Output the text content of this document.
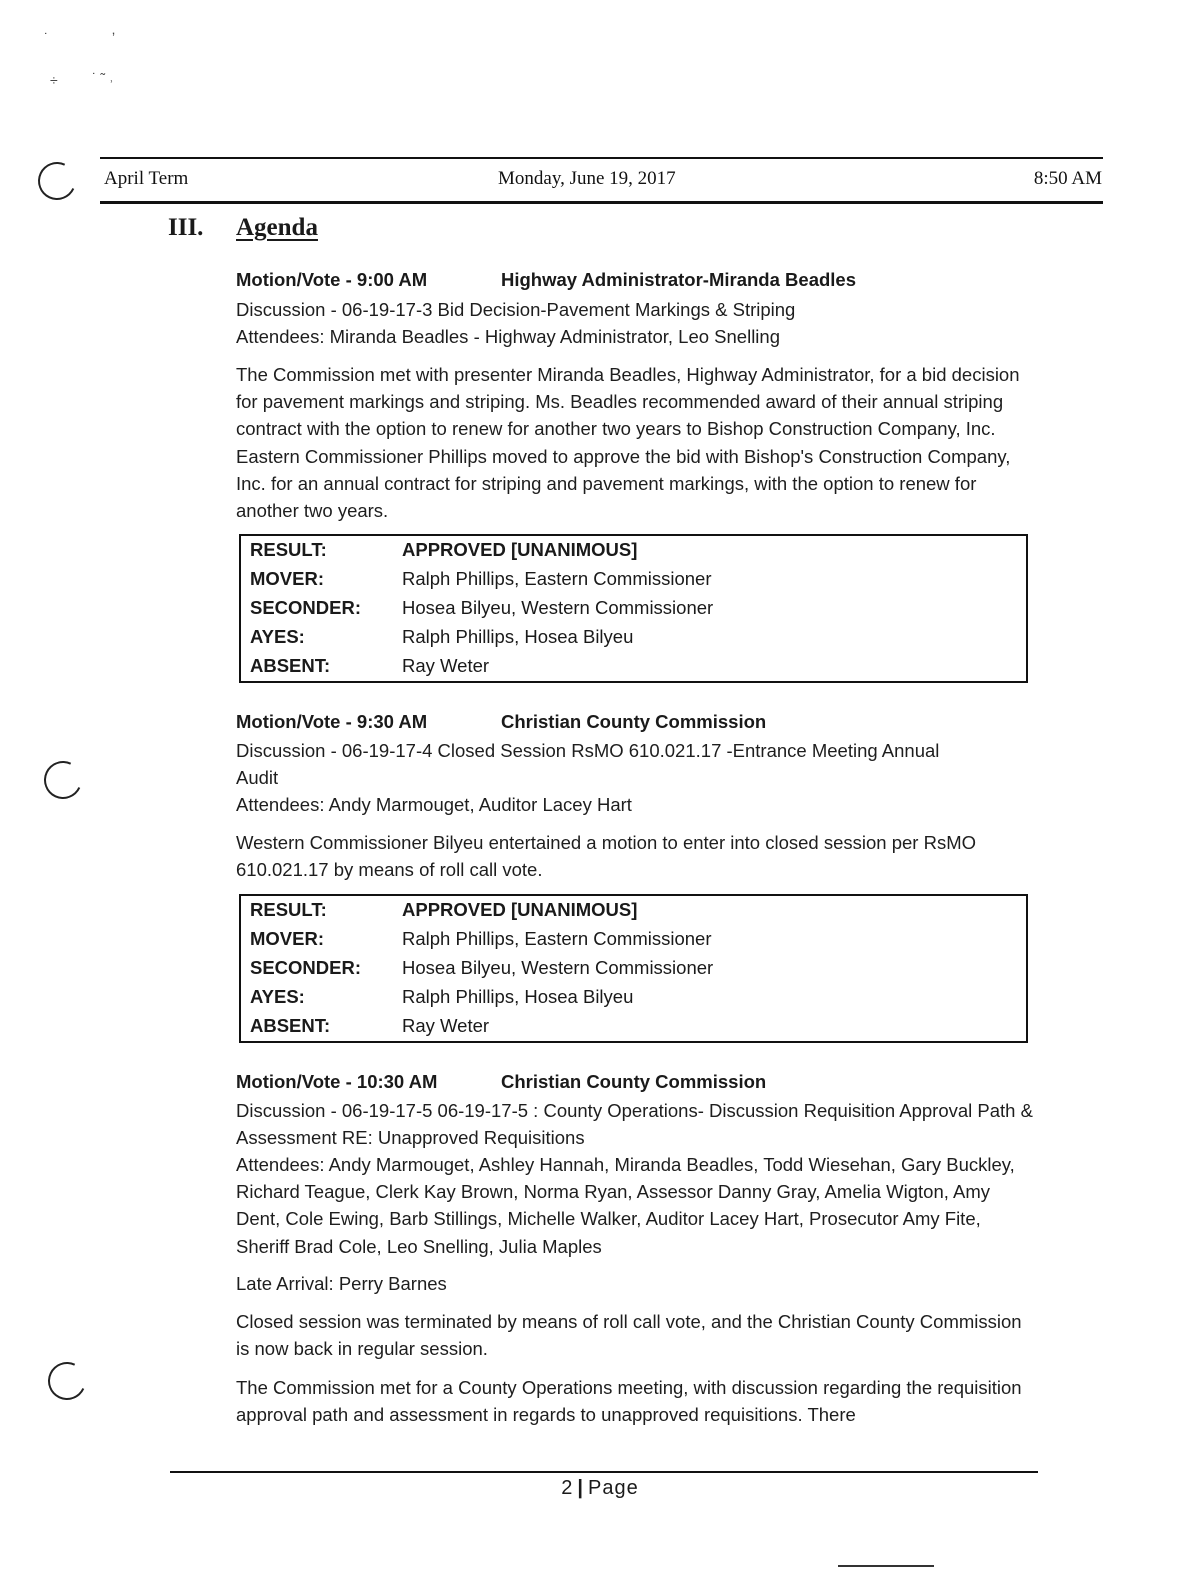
˙	ʼ
÷ ˙ ˜ ˒
April Term	Monday, June 19, 2017	8:50 AM
III. Agenda
Motion/Vote - 9:00 AM	Highway Administrator-Miranda Beadles
Discussion - 06-19-17-3 Bid Decision-Pavement Markings & Striping
Attendees: Miranda Beadles - Highway Administrator, Leo Snelling
The Commission met with presenter Miranda Beadles, Highway Administrator, for a bid decision for pavement markings and striping. Ms. Beadles recommended award of their annual striping contract with the option to renew for another two years to Bishop Construction Company, Inc. Eastern Commissioner Phillips moved to approve the bid with Bishop's Construction Company, Inc. for an annual contract for striping and pavement markings, with the option to renew for another two years.
RESULT:	APPROVED [UNANIMOUS]
MOVER:	Ralph Phillips, Eastern Commissioner
SECONDER: Hosea Bilyeu, Western Commissioner
AYES:	Ralph Phillips, Hosea Bilyeu
ABSENT:	Ray Weter
Motion/Vote - 9:30 AM	Christian County Commission
Discussion - 06-19-17-4 Closed Session RsMO 610.021.17 -Entrance Meeting Annual
Audit
Attendees: Andy Marmouget, Auditor Lacey Hart
Western Commissioner Bilyeu entertained a motion to enter into closed session per RsMO 610.021.17 by means of roll call vote.
RESULT:	APPROVED [UNANIMOUS]
MOVER:	Ralph Phillips, Eastern Commissioner
SECONDER: Hosea Bilyeu, Western Commissioner
AYES:	Ralph Phillips, Hosea Bilyeu
ABSENT:	Ray Weter
Motion/Vote - 10:30 AM	Christian County Commission
Discussion - 06-19-17-5 06-19-17-5 : County Operations- Discussion Requisition Approval Path & Assessment RE: Unapproved Requisitions
Attendees: Andy Marmouget, Ashley Hannah, Miranda Beadles, Todd Wiesehan, Gary Buckley, Richard Teague, Clerk Kay Brown, Norma Ryan, Assessor Danny Gray, Amelia Wigton, Amy Dent, Cole Ewing, Barb Stillings, Michelle Walker, Auditor Lacey Hart, Prosecutor Amy Fite, Sheriff Brad Cole, Leo Snelling, Julia Maples
Late Arrival: Perry Barnes
Closed session was terminated by means of roll call vote, and the Christian County Commission is now back in regular session.
The Commission met for a County Operations meeting, with discussion regarding the requisition approval path and assessment in regards to unapproved requisitions. There
2 | Page
